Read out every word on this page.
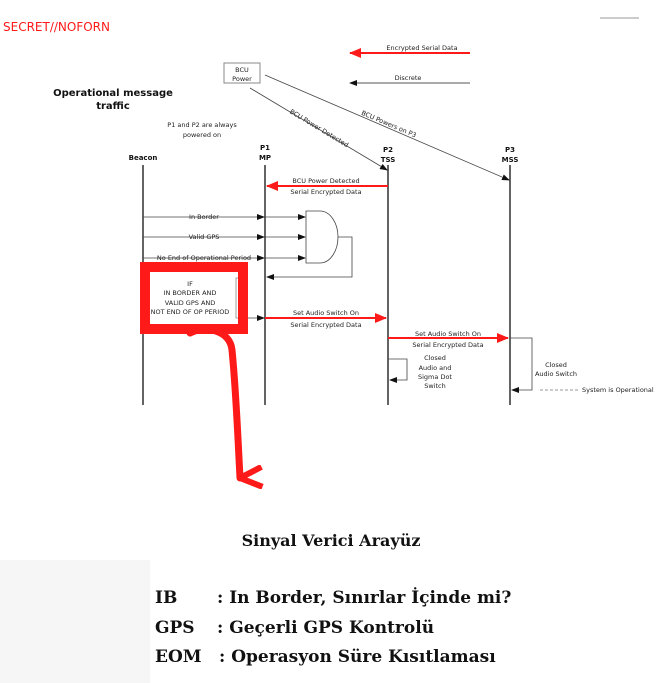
SECRET//NOFORN
Encrypted Serial Data
Discrete
Operational message
traffic
P1 and P2 are always
powered on
BCU
Power
BCU Power Detected BCU Powers on P3
Beacon
P1
MP
P2
TSS
P3
MSS
BCU Power Detected
Serial Encrypted Data
In Border
Valid GPS
No End of Operational Period
IF
IN BORDER AND
VALID GPS AND
NOT END OF OP PERIOD	Set Audio Switch On
Serial Encrypted Data
Set Audio Switch On
Serial Encrypted Data
Closed
Audio and
Sigma Dot
Switch
Closed
Audio Switch
System is Operational
Sinyal Verici Arayüz
IB : In Border, Sınırlar İçinde mi?
GPS : Geçerli GPS Kontrolü
EOM : Operasyon Süre Kısıtlaması
